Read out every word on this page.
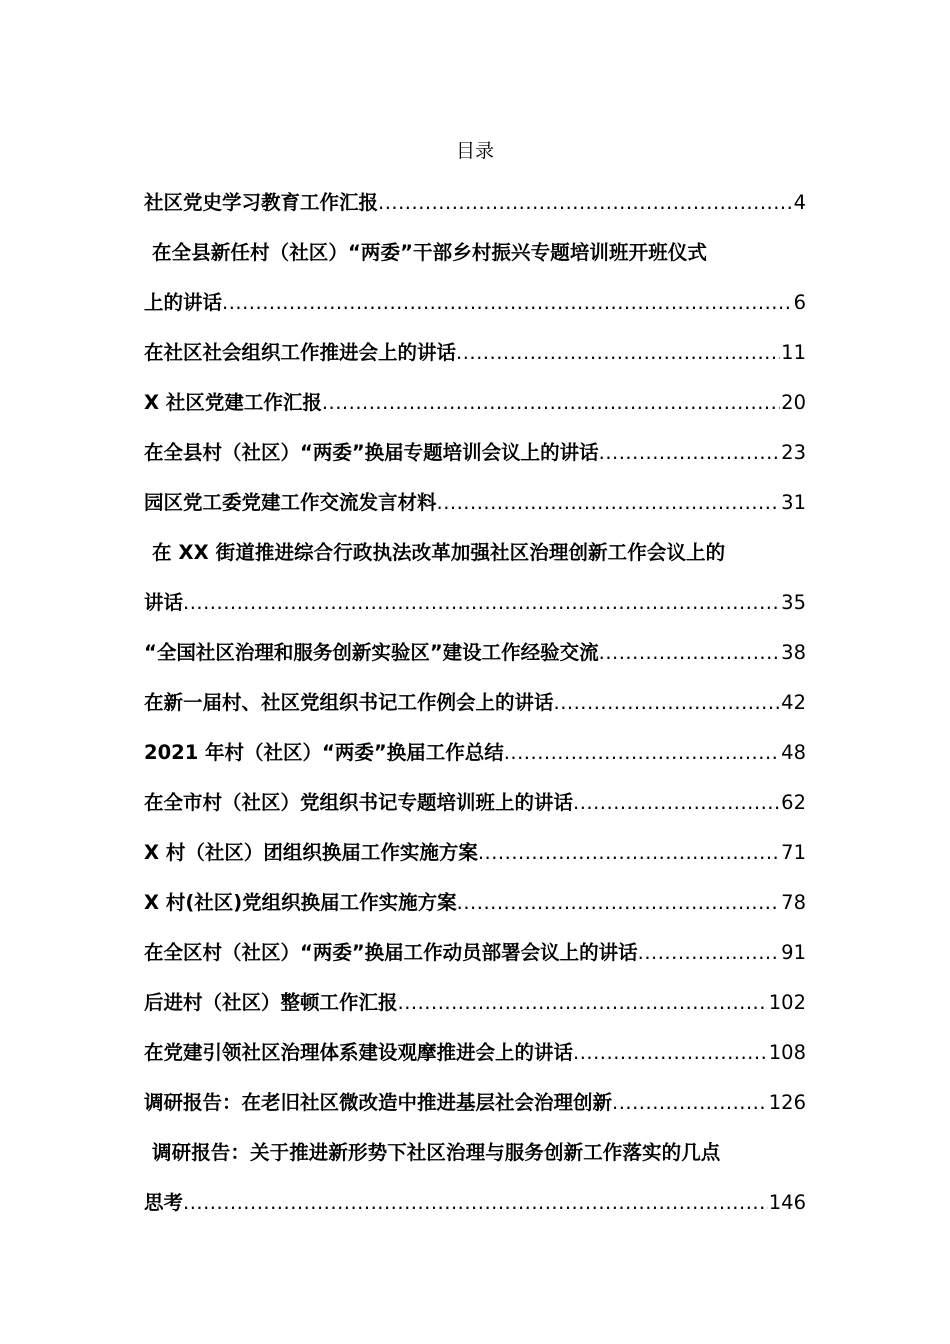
目录
社区党史学习教育工作汇报 .....	4
在全县新任村（社区）“两委”干部乡村振兴专题培训班开班仪式
上的讲话 .....	6
在社区社会组织工作推进会上的讲话 .....	11
X 社区党建工作汇报 .....	20
在全县村（社区）“两委”换届专题培训会议上的讲话 .....	23
园区党工委党建工作交流发言材料 .....	31
在 XX 街道推进综合行政执法改革加强社区治理创新工作会议上的
讲话 .....	35
“全国社区治理和服务创新实验区”建设工作经验交流 .....	38
在新一届村、社区党组织书记工作例会上的讲话 .....	42
2021 年村（社区）“两委”换届工作总结 .....	48
在全市村（社区）党组织书记专题培训班上的讲话 .....	62
X 村（社区）团组织换届工作实施方案 .....	71
X 村(社区)党组织换届工作实施方案 .....	78
在全区村（社区）“两委”换届工作动员部署会议上的讲话 .....	91
后进村（社区）整顿工作汇报 .....	102
在党建引领社区治理体系建设观摩推进会上的讲话 .....	108
调研报告：在老旧社区微改造中推进基层社会治理创新 .....	126
调研报告：关于推进新形势下社区治理与服务创新工作落实的几点
思考 .....	146
